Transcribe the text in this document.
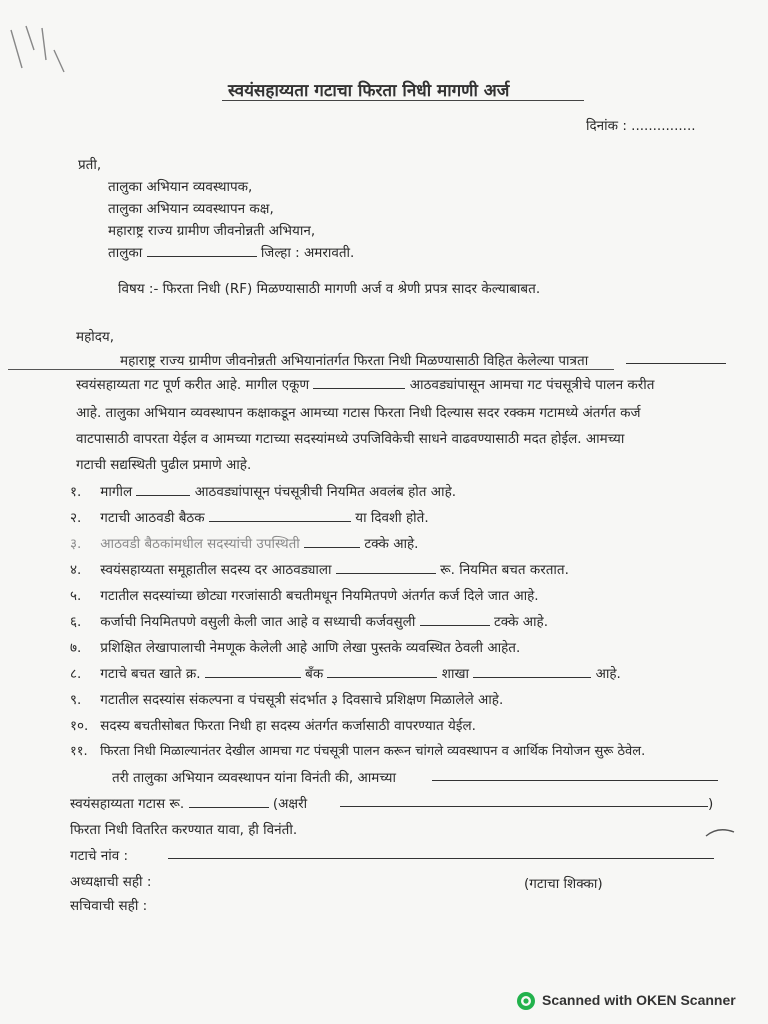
स्वयंसहाय्यता गटाचा फिरता निधी मागणी अर्ज
दिनांक : ...............
प्रती,
तालुका अभियान व्यवस्थापक,
तालुका अभियान व्यवस्थापन कक्ष,
महाराष्ट्र राज्य ग्रामीण जीवनोन्नती अभियान,
तालुका	जिल्हा : अमरावती.
विषय :- फिरता निधी (RF) मिळण्यासाठी मागणी अर्ज व श्रेणी प्रपत्र सादर केल्याबाबत.
महोदय,
महाराष्ट्र राज्य ग्रामीण जीवनोन्नती अभियानांतर्गत फिरता निधी मिळण्यासाठी विहित केलेल्या पात्रता
स्वयंसहाय्यता गट पूर्ण करीत आहे. मागील एकूण	आठवड्यांपासून आमचा गट पंचसूत्रीचे पालन करीत
आहे. तालुका अभियान व्यवस्थापन कक्षाकडून आमच्या गटास फिरता निधी दिल्यास सदर रक्कम गटामध्ये अंतर्गत कर्ज
वाटपासाठी वापरता येईल व आमच्या गटाच्या सदस्यांमध्ये उपजिविकेची साधने वाढवण्यासाठी मदत होईल. आमच्या
गटाची सद्यस्थिती पुढील प्रमाणे आहे.
१. मागील	आठवड्यांपासून पंचसूत्रीची नियमित अवलंब होत आहे.
२. गटाची आठवडी बैठक	या दिवशी होते.
३. आठवडी बैठकांमधील सदस्यांची उपस्थिती	टक्के आहे.
४. स्वयंसहाय्यता समूहातील सदस्य दर आठवड्याला	रू. नियमित बचत करतात.
५. गटातील सदस्यांच्या छोट्या गरजांसाठी बचतीमधून नियमितपणे अंतर्गत कर्ज दिले जात आहे.
६. कर्जाची नियमितपणे वसुली केली जात आहे व सध्याची कर्जवसुली	टक्के आहे.
७. प्रशिक्षित लेखापालाची नेमणूक केलेली आहे आणि लेखा पुस्तके व्यवस्थित ठेवली आहेत.
८. गटाचे बचत खाते क्र.	बँक	शाखा	आहे.
९. गटातील सदस्यांस संकल्पना व पंचसूत्री संदर्भात ३ दिवसाचे प्रशिक्षण मिळालेले आहे.
१०. सदस्य बचतीसोबत फिरता निधी हा सदस्य अंतर्गत कर्जासाठी वापरण्यात येईल.
११. फिरता निधी मिळाल्यानंतर देखील आमचा गट पंचसूत्री पालन करून चांगले व्यवस्थापन व आर्थिक नियोजन सुरू ठेवेल.
तरी तालुका अभियान व्यवस्थापन यांना विनंती की, आमच्या
स्वयंसहाय्यता गटास रू.	(अक्षरी	)
फिरता निधी वितरित करण्यात यावा, ही विनंती.
गटाचे नांव :
अध्यक्षाची सही :	(गटाचा शिक्का)
सचिवाची सही :
Scanned with OKEN Scanner
